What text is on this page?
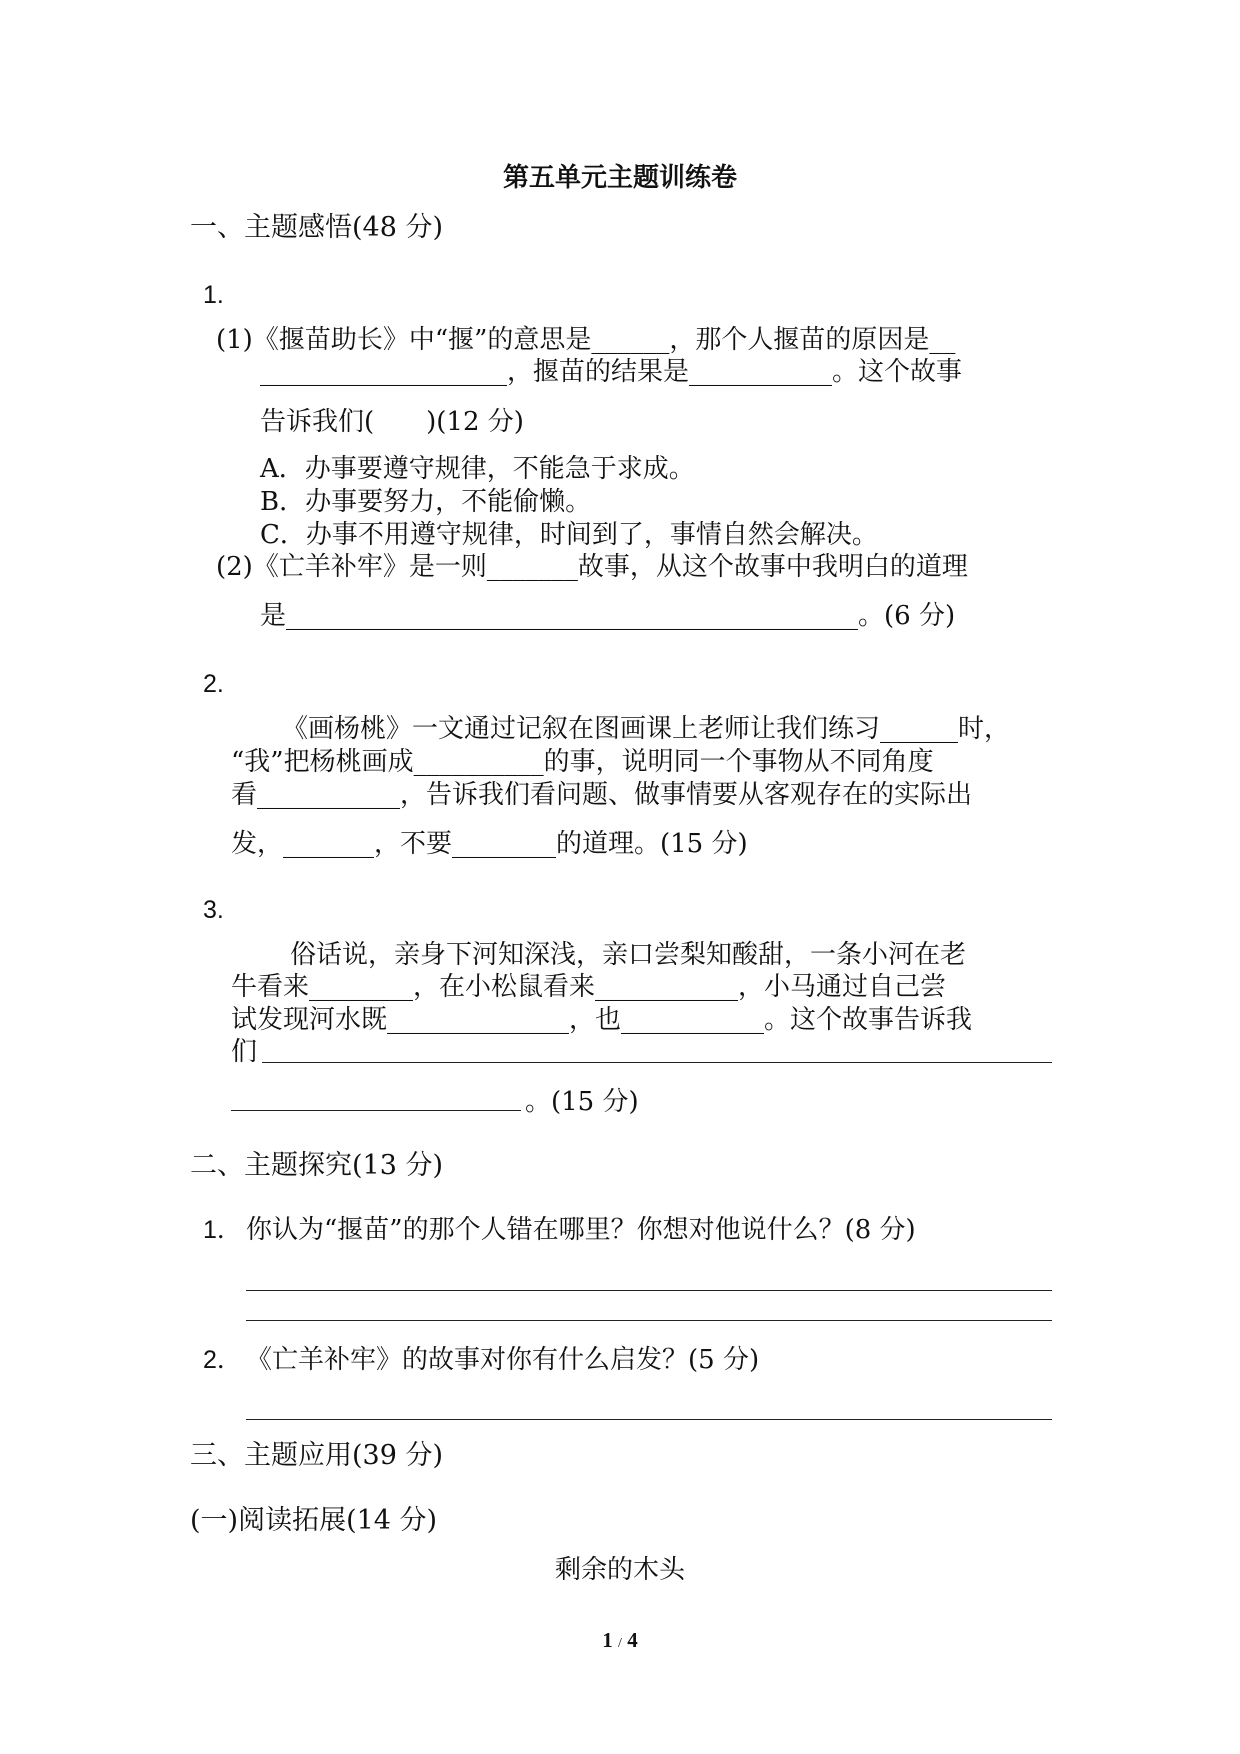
第五单元主题训练卷
一、主题感悟(48 分)
1.
(1)《揠苗助长》中“揠”的意思是______，那个人揠苗的原因是__
___________________，揠苗的结果是___________。这个故事
告诉我们(　　)(12 分)
A．办事要遵守规律，不能急于求成。
B．办事要努力，不能偷懒。
C．办事不用遵守规律，时间到了，事情自然会解决。
(2)《亡羊补牢》是一则_______故事，从这个故事中我明白的道理
是____________________________________________。(6 分)
2.
《画杨桃》一文通过记叙在图画课上老师让我们练习______时，
“我”把杨桃画成__________的事，说明同一个事物从不同角度
看___________，告诉我们看问题、做事情要从客观存在的实际出
发，_______，不要________的道理。(15 分)
3.
俗话说，亲身下河知深浅，亲口尝梨知酸甜，一条小河在老
牛看来________，在小松鼠看来___________，小马通过自己尝
试发现河水既______________，也___________。这个故事告诉我
们
。(15 分)
二、主题探究(13 分)
1． 你认为“揠苗”的那个人错在哪里？你想对他说什么？(8 分)
2． 《亡羊补牢》的故事对你有什么启发？(5 分)
三、主题应用(39 分)
(一)阅读拓展(14 分)
剩余的木头
1 / 4
